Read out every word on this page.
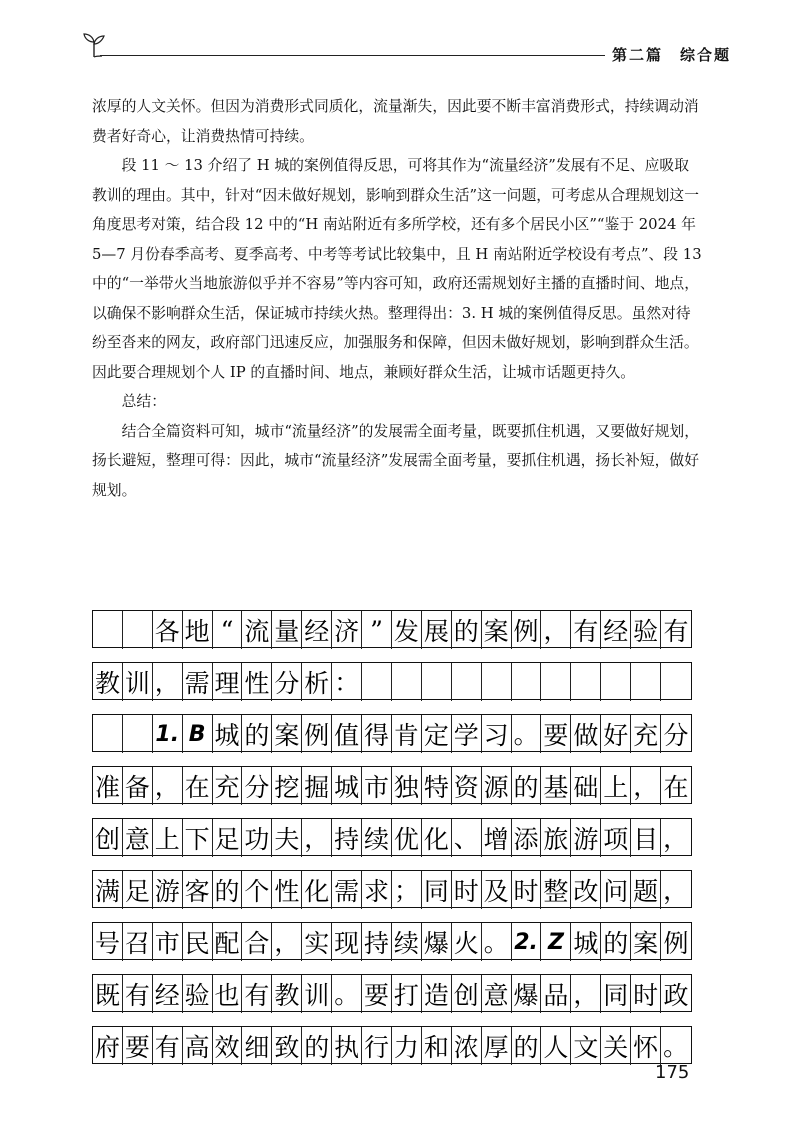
第二篇　综合题

浓厚的人文关怀。但因为消费形式同质化，流量渐失，因此要不断丰富消费形式，持续调动消费者好奇心，让消费热情可持续。

段 11 ～ 13 介绍了 H 城的案例值得反思，可将其作为“流量经济”发展有不足、应吸取教训的理由。其中，针对“因未做好规划，影响到群众生活”这一问题，可考虑从合理规划这一角度思考对策，结合段 12 中的“H 南站附近有多所学校，还有多个居民小区”“鉴于 2024 年 5—7 月份春季高考、夏季高考、中考等考试比较集中，且 H 南站附近学校设有考点”、段 13 中的“一举带火当地旅游似乎并不容易”等内容可知，政府还需规划好主播的直播时间、地点，以确保不影响群众生活，保证城市持续火热。整理得出：3. H 城的案例值得反思。虽然对待纷至沓来的网友，政府部门迅速反应，加强服务和保障，但因未做好规划，影响到群众生活。因此要合理规划个人 IP 的直播时间、地点，兼顾好群众生活，让城市话题更持久。

总结：

结合全篇资料可知，城市“流量经济”的发展需全面考量，既要抓住机遇，又要做好规划，扬长避短，整理可得：因此，城市“流量经济”发展需全面考量，要抓住机遇，扬长补短，做好规划。

各 地 “ 流 量 经 济 ” 发 展 的 案 例 ， 有 经 验 有
教 训 ， 需 理 性 分 析 ：
1. B 城 的 案 例 值 得 肯 定 学 习 。 要 做 好 充 分
准 备 ， 在 充 分 挖 掘 城 市 独 特 资 源 的 基 础 上 ， 在
创 意 上 下 足 功 夫 ， 持 续 优 化 、 增 添 旅 游 项 目 ，
满 足 游 客 的 个 性 化 需 求 ； 同 时 及 时 整 改 问 题 ，
号 召 市 民 配 合 ， 实 现 持 续 爆 火 。 2. Z 城 的 案 例
既 有 经 验 也 有 教 训 。 要 打 造 创 意 爆 品 ， 同 时 政
府 要 有 高 效 细 致 的 执 行 力 和 浓 厚 的 人 文 关 怀 。
175
